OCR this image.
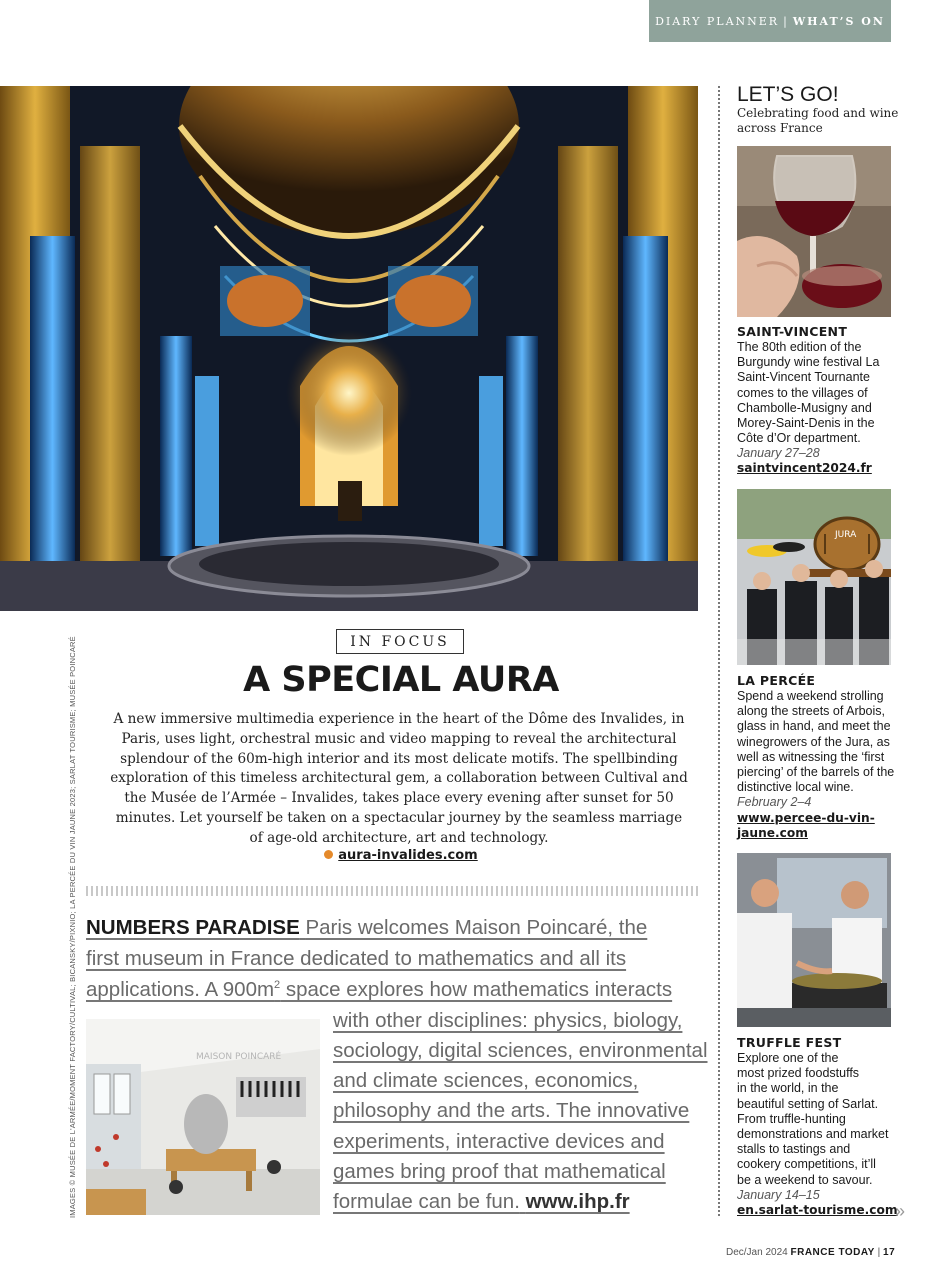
DIARY PLANNER | WHAT’S ON
IMAGES © MUSÉE DE L'ARMÉE/MOMENT FACTORY/CULTIVAL; BICANSKY/PIXNIO; LA PERCÉE DU VIN JAUNE 2023; SARLAT TOURISME; MUSÉE POINCARÉ	IN FOCUS
A SPECIAL AURA
A new immersive multimedia experience in the heart of the Dôme des Invalides, in Paris, uses light, orchestral music and video mapping to reveal the architectural splendour of the 60m-high interior and its most delicate motifs. The spellbinding exploration of this timeless architectural gem, a collaboration between Cultival and the Musée de l’Armée – Invalides, takes place every evening after sunset for 50 minutes. Let yourself be taken on a spectacular journey by the seamless marriage of age-old architecture, art and technology.
aura-invalides.com
NUMBERS PARADISE Paris welcomes Maison Poincaré, the
first museum in France dedicated to mathematics and all its
applications. A $900m^2$ space explores how mathematics interacts
with other disciplines: physics, biology,
sociology, digital sciences, environmental
and climate sciences, economics,
philosophy and the arts. The innovative
experiments, interactive devices and
games bring proof that mathematical
formulae can be fun. www.ihp.fr
MAISON POINCARÉ
LET’S GO!
Celebrating food and wine across France
SAINT-VINCENT
The 80th edition of the
Burgundy wine festival La
Saint-Vincent Tournante
comes to the villages of
Chambolle-Musigny and
Morey-Saint-Denis in the
Côte d’Or department.
January 27–28
saintvincent2024.fr
JURA
LA PERCÉE
Spend a weekend strolling
along the streets of Arbois,
glass in hand, and meet the
winegrowers of the Jura, as
well as witnessing the ‘first
piercing’ of the barrels of the
distinctive local wine.
February 2–4
www.percee-du-vin-
jaune.com
TRUFFLE FEST
Explore one of the
most prized foodstuffs
in the world, in the
beautiful setting of Sarlat.
From truffle-hunting
demonstrations and market
stalls to tastings and
cookery competitions, it’ll
be a weekend to savour.
January 14–15
en.sarlat-tourisme.com
»
Dec/Jan 2024 FRANCE TODAY | 17
